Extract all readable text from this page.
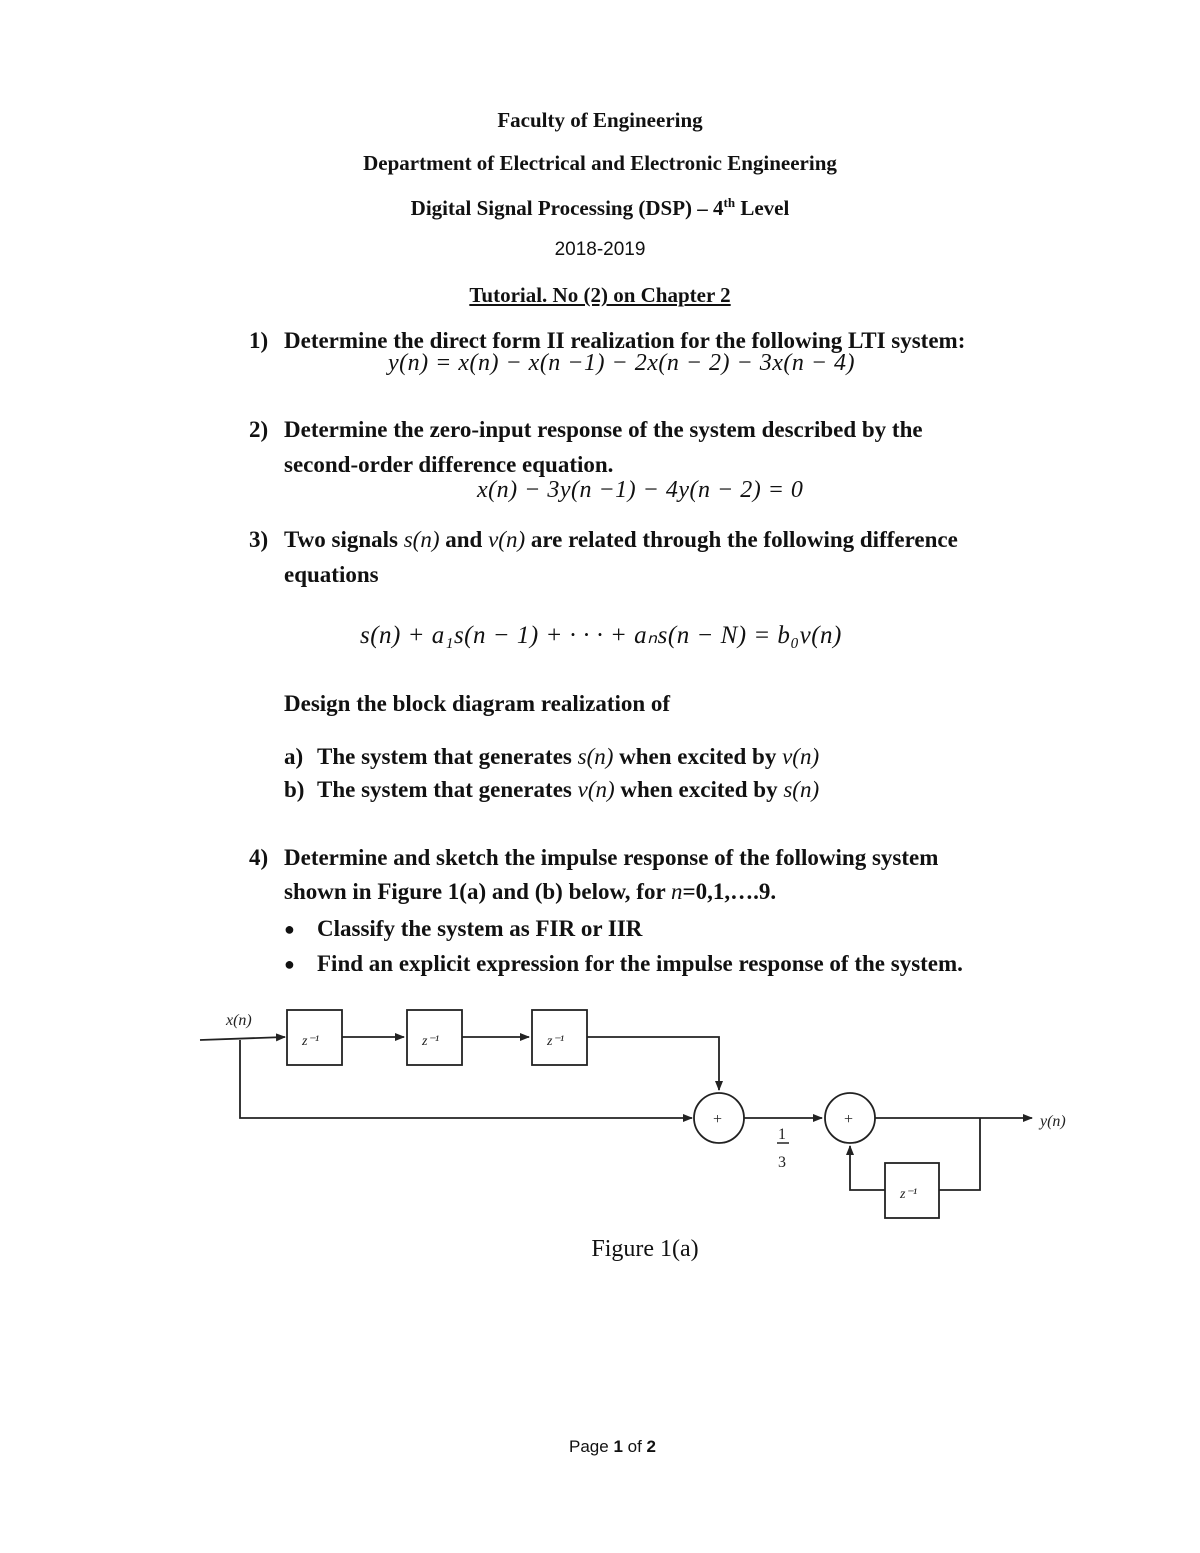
Faculty of Engineering
Department of Electrical and Electronic Engineering
Digital Signal Processing (DSP) – 4th Level
2018-2019
Tutorial. No (2) on Chapter 2
1) Determine the direct form II realization for the following LTI system:
y(n) = x(n) − x(n −1) − 2x(n − 2) − 3x(n − 4)
2) Determine the zero-input response of the system described by the
second-order difference equation.
x(n) − 3y(n −1) − 4y(n − 2) = 0
3) Two signals s(n) and v(n) are related through the following difference
equations
s(n) + a₁s(n − 1) + · · · + aₙs(n − N) = b₀v(n)
Design the block diagram realization of
a) The system that generates s(n) when excited by v(n)
b) The system that generates v(n) when excited by s(n)
4) Determine and sketch the impulse response of the following system
shown in Figure 1(a) and (b) below, for n=0,1,….9.
● Classify the system as FIR or IIR
● Find an explicit expression for the impulse response of the system.
x(n)
y(n)
z⁻¹	z⁻¹	z⁻¹
z⁻¹
+	+
1
3
Figure 1(a)
Page 1 of 2
